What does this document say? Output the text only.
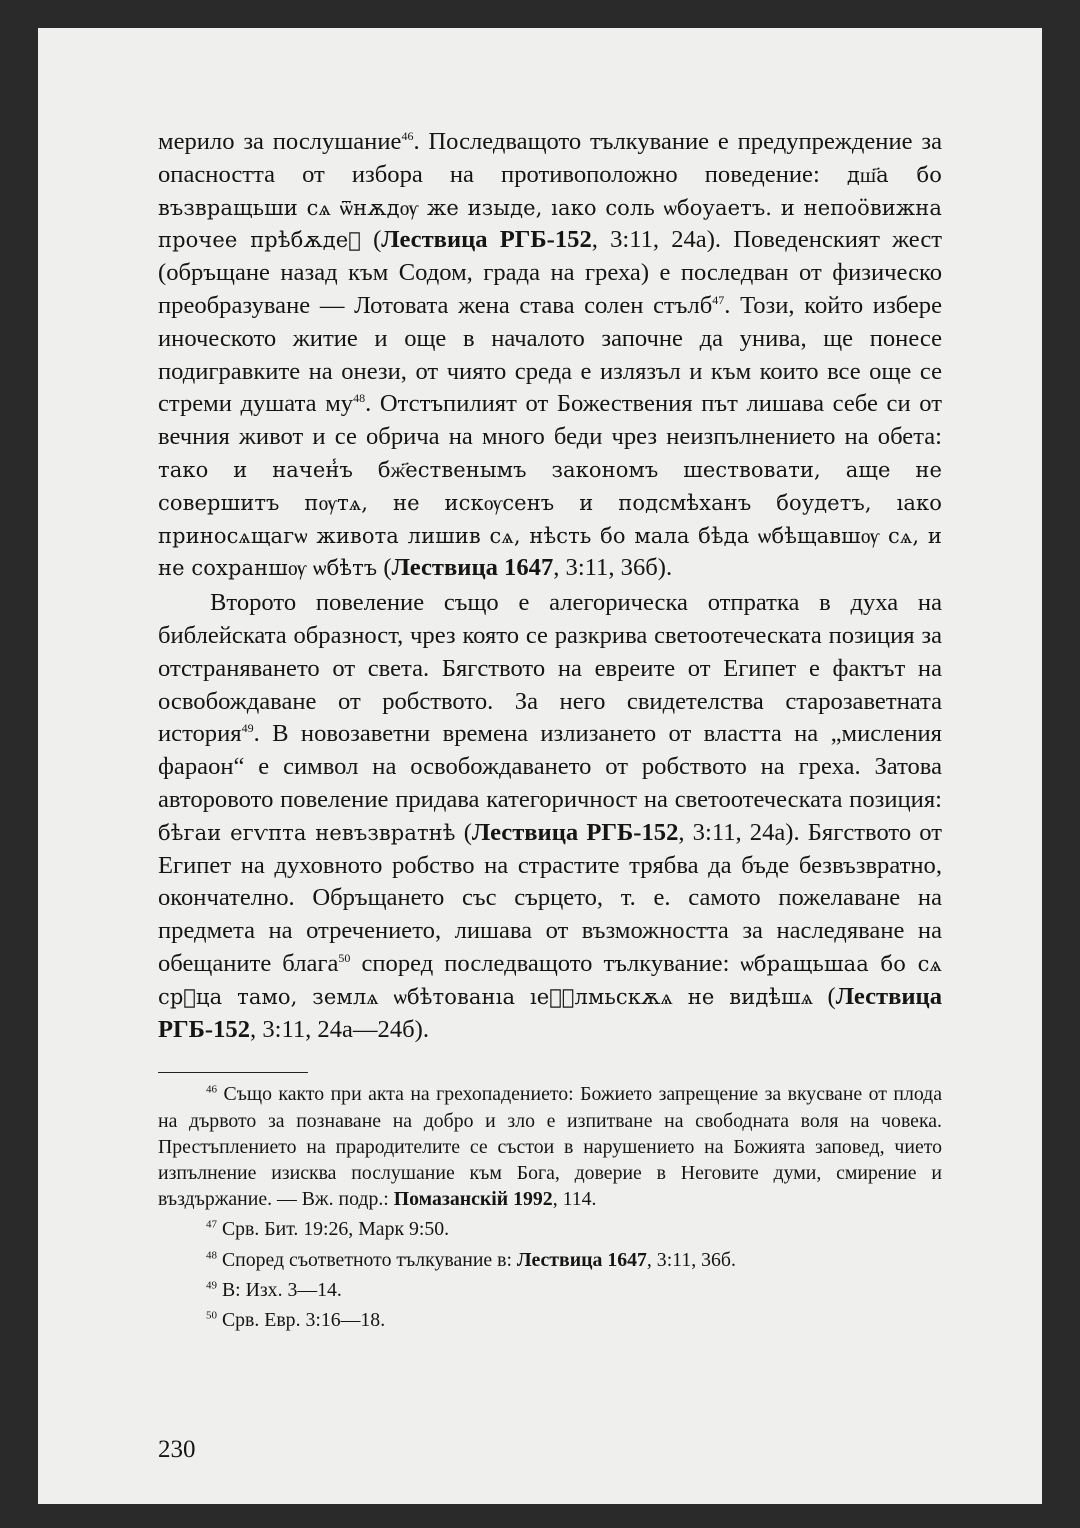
мерило за послушание$^{46}$. Последващото тълкувание е предупреждение за опасността от избора на противоположно поведение: дш҃а бо възвращьши сѧ ѿнѫдѹ же изыде, ıако соль ѡбоуаетъ. и непоӧвижна прочее прѣбѫдеⷮ (Лествица РГБ-152, 3:11, 24а). Поведенският жест (обръщане назад към Содом, града на греха) е последван от физическо преобразуване — Лотовата жена става солен стълб$^{47}$. Този, който избере иноческото житие и още в началото започне да унива, ще понесе подигравките на онези, от чиято среда е излязъл и към които все още се стреми душата $му^{48}$. Отстъпилият от Божествения път лишава себе си от вечния живот и се обрича на много беди чрез неизпълнението на обета: тако и начен̾ъ бж҃ественымъ закономъ шествовати, аще не совершитъ пѹтѧ, не искѹсенъ и подсмѣханъ боудетъ, ıако приносѧщагѡ живота лишив сѧ, нѣсть бо мала бѣда ѡбѣщавшѹ сѧ, и не сохраншѹ ѡбѣтъ (Лествица 1647, 3:11, 36б).

Второто повеление също е алегорическа отпратка в духа на библейската образност, чрез която се разкрива светоотеческата позиция за отстраняването от света. Бягството на евреите от Египет е фактът на освобождаване от робството. За него свидетелства старозаветната история$^{49}$. В новозаветни времена излизането от властта на „мисления фараон“ е символ на освобождаването от робството на греха. Затова авторовото повеление придава категоричност на светоотеческата позиция: бѣгаи егѵпта невъзвратнѣ (Лествица РГБ-152, 3:11, 24а). Бягството от Египет на духовното робство на страстите трябва да бъде безвъзвратно, окончателно. Обръщането със сърцето, т. е. самото пожелаване на предмета на отречението, лишава от възможността за наследяване на обещаните блага$^{50}$ според последващото тълкувание: ѡбращьшаа бо сѧ срⷣца тамо, землѧ ѡбѣтованıа ıеⷬ҇лмьскѫѧ не видѣшѧ (Лествица РГБ-152, 3:11, 24а—24б).

$^{46}$ Също както при акта на грехопадението: Божието запрещение за вкусване от плода на дървото за познаване на добро и зло е изпитване на свободната воля на човека. Престъплението на прародителите се състои в нарушението на Божията заповед, чието изпълнение изисква послушание към Бога, доверие в Неговите думи, смирение и въздържание. — Вж. подр.: Помазанскій 1992, 114.

$^{47}$ Срв. Бит. 19:26, Марк 9:50.

$^{48}$ Според съответното тълкувание в: Лествица 1647, 3:11, 36б.

$^{49}$ В: Изх. 3—14.

$^{50}$ Срв. Евр. 3:16—18.

230
